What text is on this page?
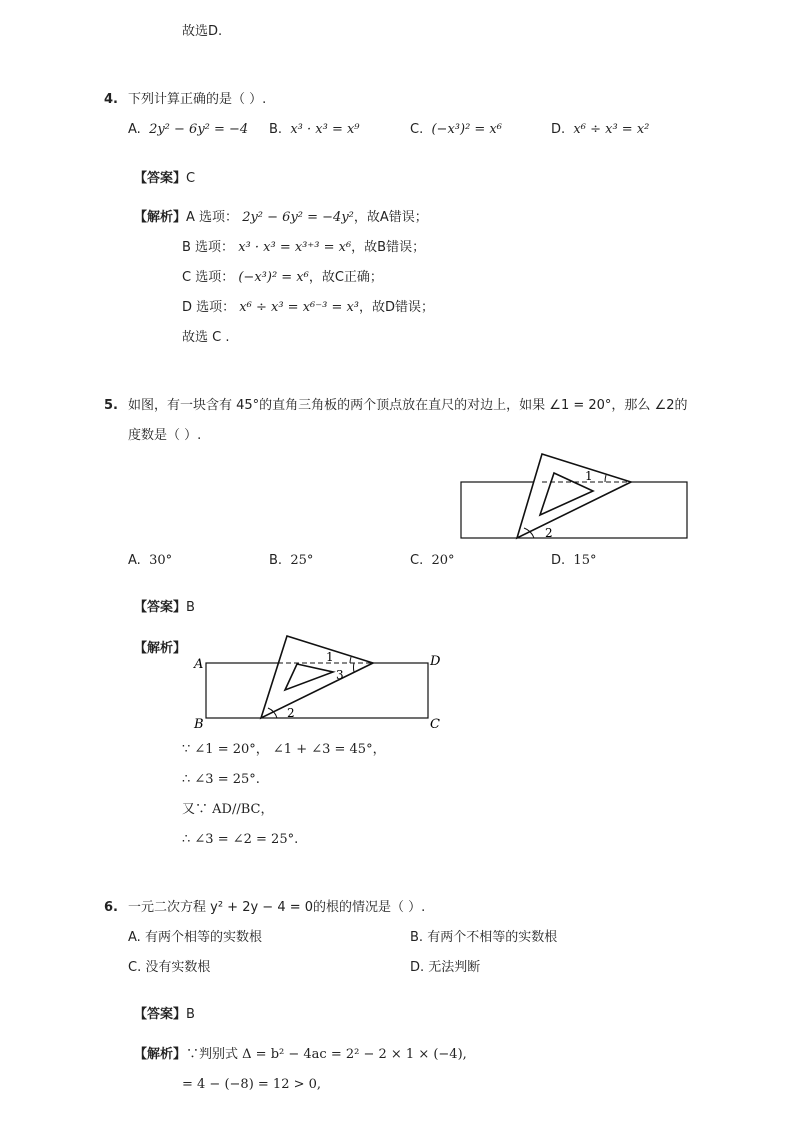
故选D.
4. 下列计算正确的是（ ）.
A. 2y² − 6y² = −4 B. x³ · x³ = x⁹	C. (−x³)² = x⁶	D. x⁶ ÷ x³ = x²
【答案】C
【解析】A 选项： 2y² − 6y² = −4y²，故A错误；
B 选项： x³ · x³ = x³⁺³ = x⁶，故B错误；
C 选项： (−x³)² = x⁶，故C正确；
D 选项： x⁶ ÷ x³ = x⁶⁻³ = x³，故D错误；
故选 C .
5. 如图，有一块含有 45°的直角三角板的两个顶点放在直尺的对边上，如果 ∠1 = 20°，那么 ∠2的
度数是（ ）.
1
2
A. 30°	B. 25°	C. 20°	D. 15°
【答案】B
【解析】
A
B	C
D
1
3
2
∵ ∠1 = 20°， ∠1 + ∠3 = 45°，
∴ ∠3 = 25°.
又∵ AD//BC，
∴ ∠3 = ∠2 = 25°.
6. 一元二次方程 y² + 2y − 4 = 0的根的情况是（ ）.
A. 有两个相等的实数根	B. 有两个不相等的实数根
C. 没有实数根	D. 无法判断
【答案】B
【解析】∵判别式 Δ = b² − 4ac = 2² − 2 × 1 × (−4),
= 4 − (−8) = 12 > 0,
